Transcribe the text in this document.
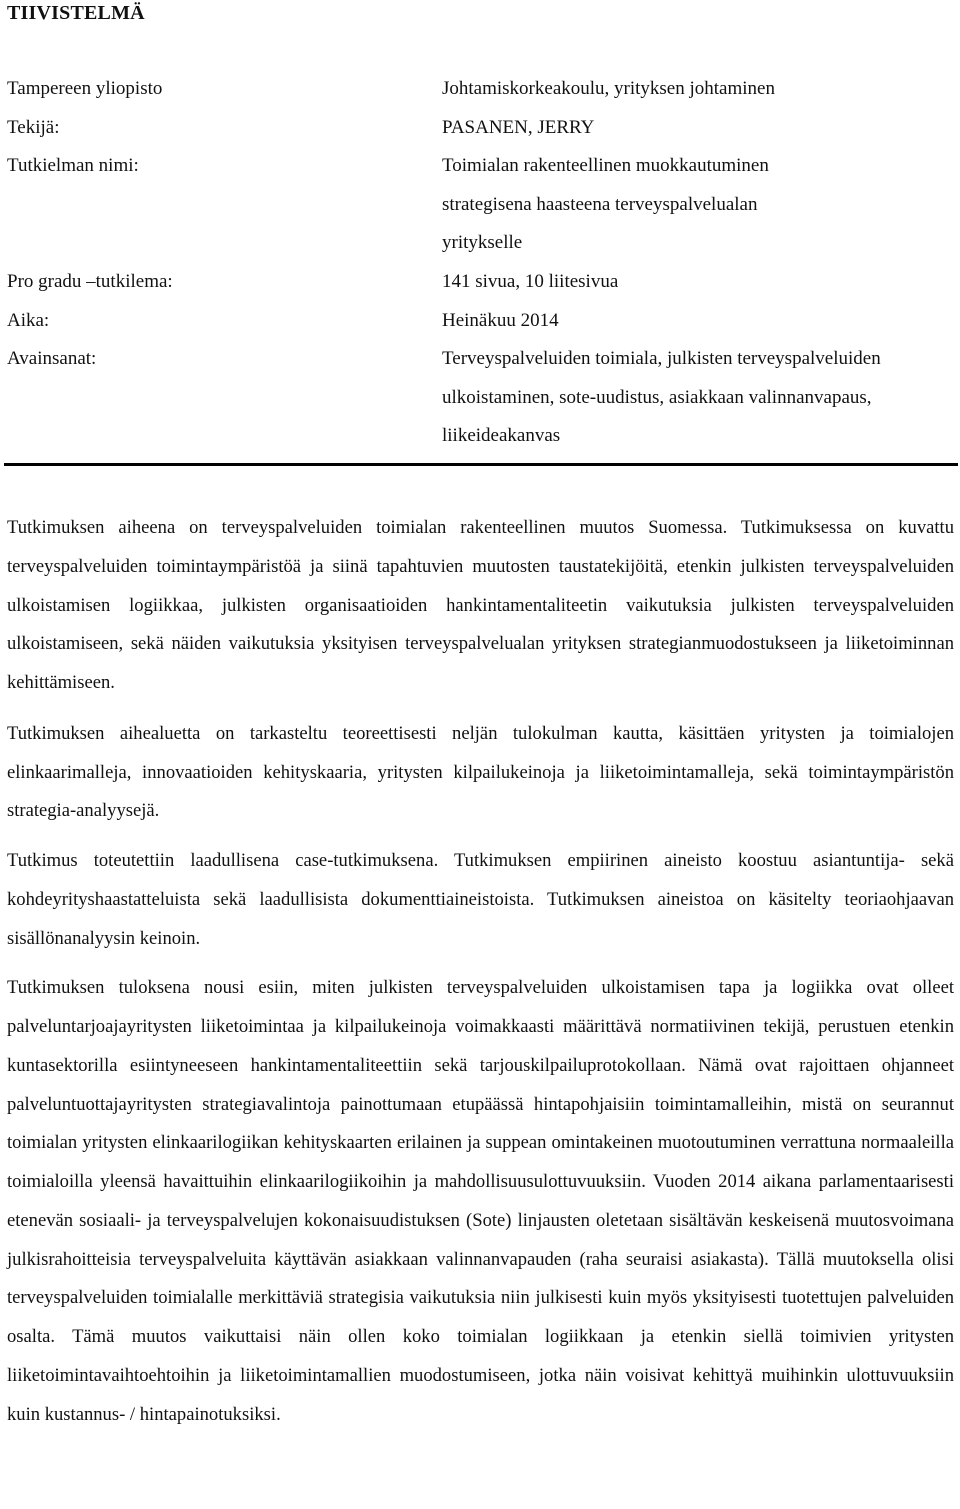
TIIVISTELMÄ
Tampereen yliopisto	Johtamiskorkeakoulu, yrityksen johtaminen
Tekijä:	PASANEN, JERRY
Tutkielman nimi:	Toimialan rakenteellinen muokkautuminen strategisena haasteena terveyspalvelualan yritykselle
Pro gradu –tutkilema:	141 sivua, 10 liitesivua
Aika:	Heinäkuu 2014
Avainsanat:	Terveyspalveluiden toimiala, julkisten terveyspalveluiden ulkoistaminen, sote-uudistus, asiakkaan valinnanvapaus, liikeideakanvas

Tutkimuksen aiheena on terveyspalveluiden toimialan rakenteellinen muutos Suomessa. Tutkimuksessa on kuvattu terveyspalveluiden toimintaympäristöä ja siinä tapahtuvien muutosten taustatekijöitä, etenkin julkisten terveyspalveluiden ulkoistamisen logiikkaa, julkisten organisaatioiden hankintamentaliteetin vaikutuksia julkisten terveyspalveluiden ulkoistamiseen, sekä näiden vaikutuksia yksityisen terveyspalvelualan yrityksen strategianmuodostukseen ja liiketoiminnan kehittämiseen.

Tutkimuksen aihealuetta on tarkasteltu teoreettisesti neljän tulokulman kautta, käsittäen yritysten ja toimialojen elinkaarimalleja, innovaatioiden kehityskaaria, yritysten kilpailukeinoja ja liiketoimintamalleja, sekä toimintaympäristön strategia-analyysejä.

Tutkimus toteutettiin laadullisena case-tutkimuksena. Tutkimuksen empiirinen aineisto koostuu asiantuntija- sekä kohdeyrityshaastatteluista sekä laadullisista dokumenttiaineistoista. Tutkimuksen aineistoa on käsitelty teoriaohjaavan sisällönanalyysin keinoin.

Tutkimuksen tuloksena nousi esiin, miten julkisten terveyspalveluiden ulkoistamisen tapa ja logiikka ovat olleet palveluntarjoajayritysten liiketoimintaa ja kilpailukeinoja voimakkaasti määrittävä normatiivinen tekijä, perustuen etenkin kuntasektorilla esiintyneeseen hankintamentaliteettiin sekä tarjouskilpailuprotokollaan. Nämä ovat rajoittaen ohjanneet palveluntuottajayritysten strategiavalintoja painottumaan etupäässä hintapohjaisiin toimintamalleihin, mistä on seurannut toimialan yritysten elinkaarilogiikan kehityskaarten erilainen ja suppean omintakeinen muotoutuminen verrattuna normaaleilla toimialoilla yleensä havaittuihin elinkaarilogiikoihin ja mahdollisuusulottuvuuksiin. Vuoden 2014 aikana parlamentaarisesti etenevän sosiaali- ja terveyspalvelujen kokonaisuudistuksen (Sote) linjausten oletetaan sisältävän keskeisenä muutosvoimana julkisrahoitteisia terveyspalveluita käyttävän asiakkaan valinnanvapauden (raha seuraisi asiakasta). Tällä muutoksella olisi terveyspalveluiden toimialalle merkittäviä strategisia vaikutuksia niin julkisesti kuin myös yksityisesti tuotettujen palveluiden osalta. Tämä muutos vaikuttaisi näin ollen koko toimialan logiikkaan ja etenkin siellä toimivien yritysten liiketoimintavaihtoehtoihin ja liiketoimintamallien muodostumiseen, jotka näin voisivat kehittyä muihinkin ulottuvuuksiin kuin kustannus- / hintapainotuksiksi.
